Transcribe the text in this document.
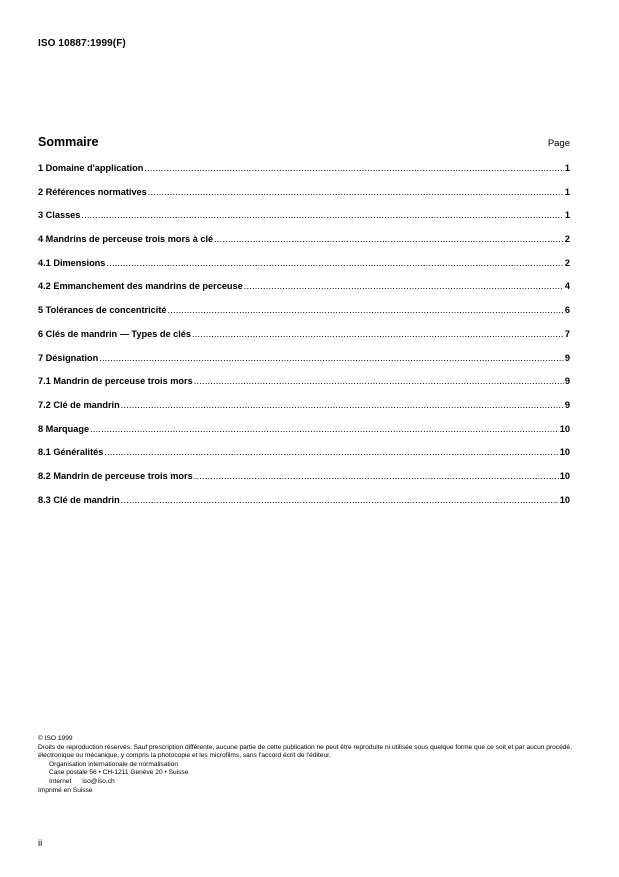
ISO 10887:1999(F)
Sommaire	Page
1 Domaine d'application .....	1
2 Références normatives .....	1
3 Classes .....	1
4 Mandrins de perceuse trois mors à clé .....	2
4.1 Dimensions .....	2
4.2 Emmanchement des mandrins de perceuse .....	4
5 Tolérances de concentricité .....	6
6 Clés de mandrin — Types de clés .....	7
7 Désignation .....	9
7.1 Mandrin de perceuse trois mors .....	9
7.2 Clé de mandrin .....	9
8 Marquage .....	10
8.1 Généralités .....	10
8.2 Mandrin de perceuse trois mors .....	10
8.3 Clé de mandrin .....	10
© ISO 1999
Droits de reproduction réservés. Sauf prescription différente, aucune partie de cette publication ne peut être reproduite ni utilisée sous quelque forme que ce soit et par aucun procédé, électronique ou mécanique, y compris la photocopie et les microfilms, sans l'accord écrit de l'éditeur.
Organisation internationale de normalisation
Case postale 56 • CH-1211 Genève 20 • Suisse
Internet      iso@iso.ch
Imprimé en Suisse
ii
